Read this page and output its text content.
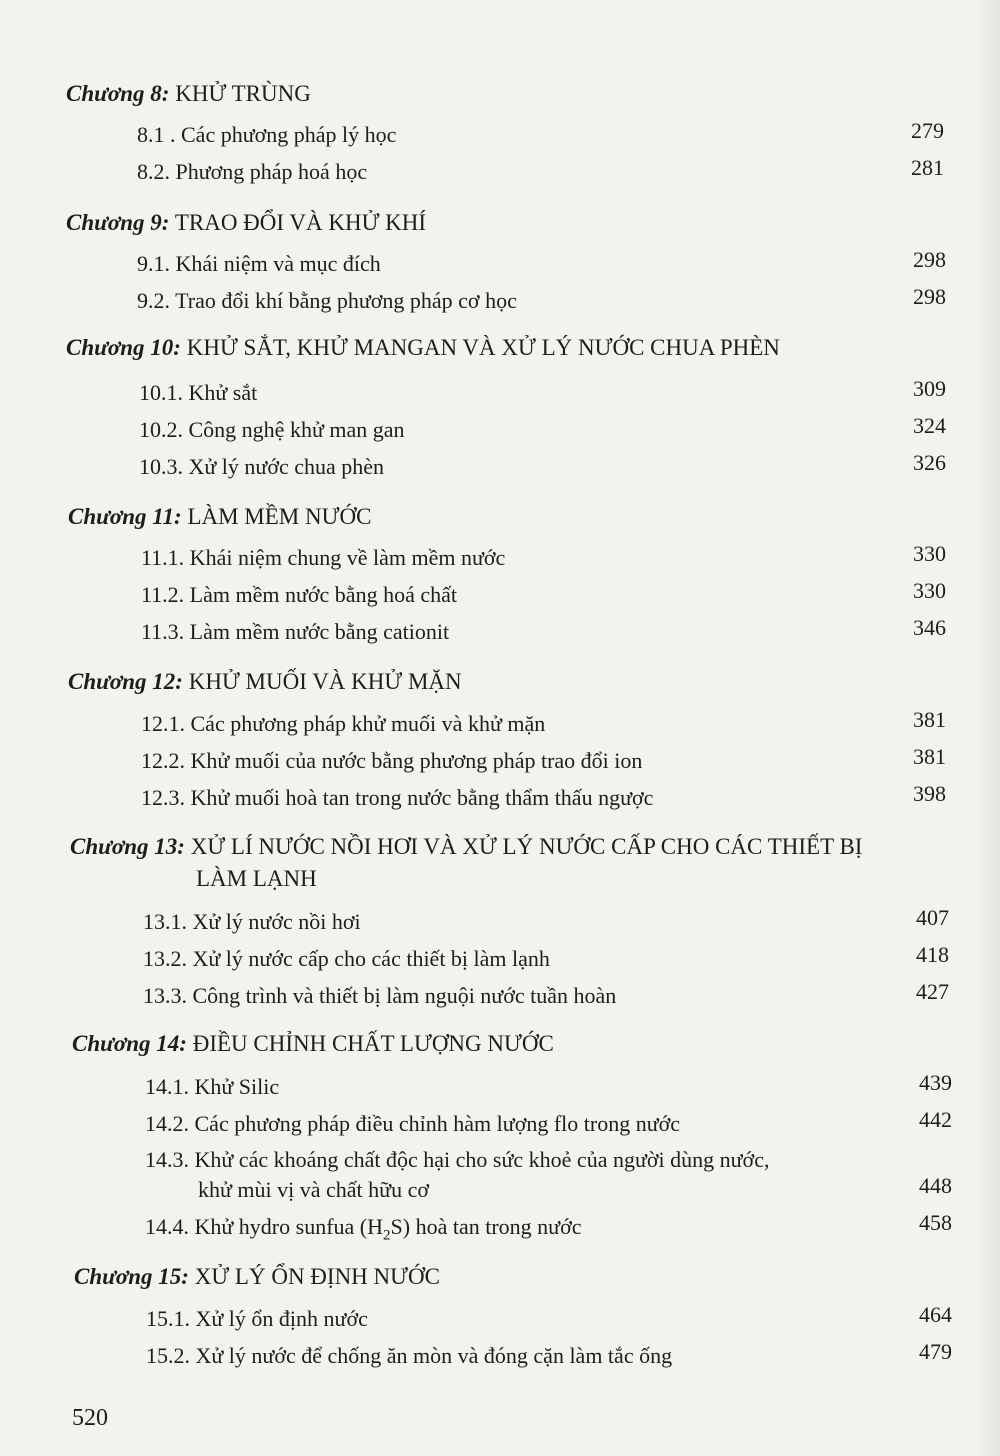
Chương 8: KHỬ TRÙNG
8.1 . Các phương pháp lý học	279
8.2. Phương pháp hoá học	281
Chương 9: TRAO ĐỔI VÀ KHỬ KHÍ
9.1. Khái niệm và mục đích	298
9.2. Trao đổi khí bằng phương pháp cơ học	298
Chương 10: KHỬ SẮT, KHỬ MANGAN VÀ XỬ LÝ NƯỚC CHUA PHÈN
10.1. Khử sắt	309
10.2. Công nghệ khử man gan	324
10.3. Xử lý nước chua phèn	326
Chương 11: LÀM MỀM NƯỚC
11.1. Khái niệm chung về làm mềm nước	330
11.2. Làm mềm nước bằng hoá chất	330
11.3. Làm mềm nước bằng cationit	346
Chương 12: KHỬ MUỐI VÀ KHỬ MẶN
12.1. Các phương pháp khử muối và khử mặn	381
12.2. Khử muối của nước bằng phương pháp trao đổi ion	381
12.3. Khử muối hoà tan trong nước bằng thẩm thấu ngược	398
Chương 13: XỬ LÍ NƯỚC NỒI HƠI VÀ XỬ LÝ NƯỚC CẤP CHO CÁC THIẾT BỊ
LÀM LẠNH
13.1. Xử lý nước nồi hơi	407
13.2. Xử lý nước cấp cho các thiết bị làm lạnh	418
13.3. Công trình và thiết bị làm nguội nước tuần hoàn	427
Chương 14: ĐIỀU CHỈNH CHẤT LƯỢNG NƯỚC
14.1. Khử Silic	439
14.2. Các phương pháp điều chỉnh hàm lượng flo trong nước	442
14.3. Khử các khoáng chất độc hại cho sức khoẻ của người dùng nước,
khử mùi vị và chất hữu cơ	448
14.4. Khử hydro sunfua $(H_2S)$ hoà tan trong nước	458
Chương 15: XỬ LÝ ỔN ĐỊNH NƯỚC
15.1. Xử lý ổn định nước	464
15.2. Xử lý nước để chống ăn mòn và đóng cặn làm tắc ống	479
520
